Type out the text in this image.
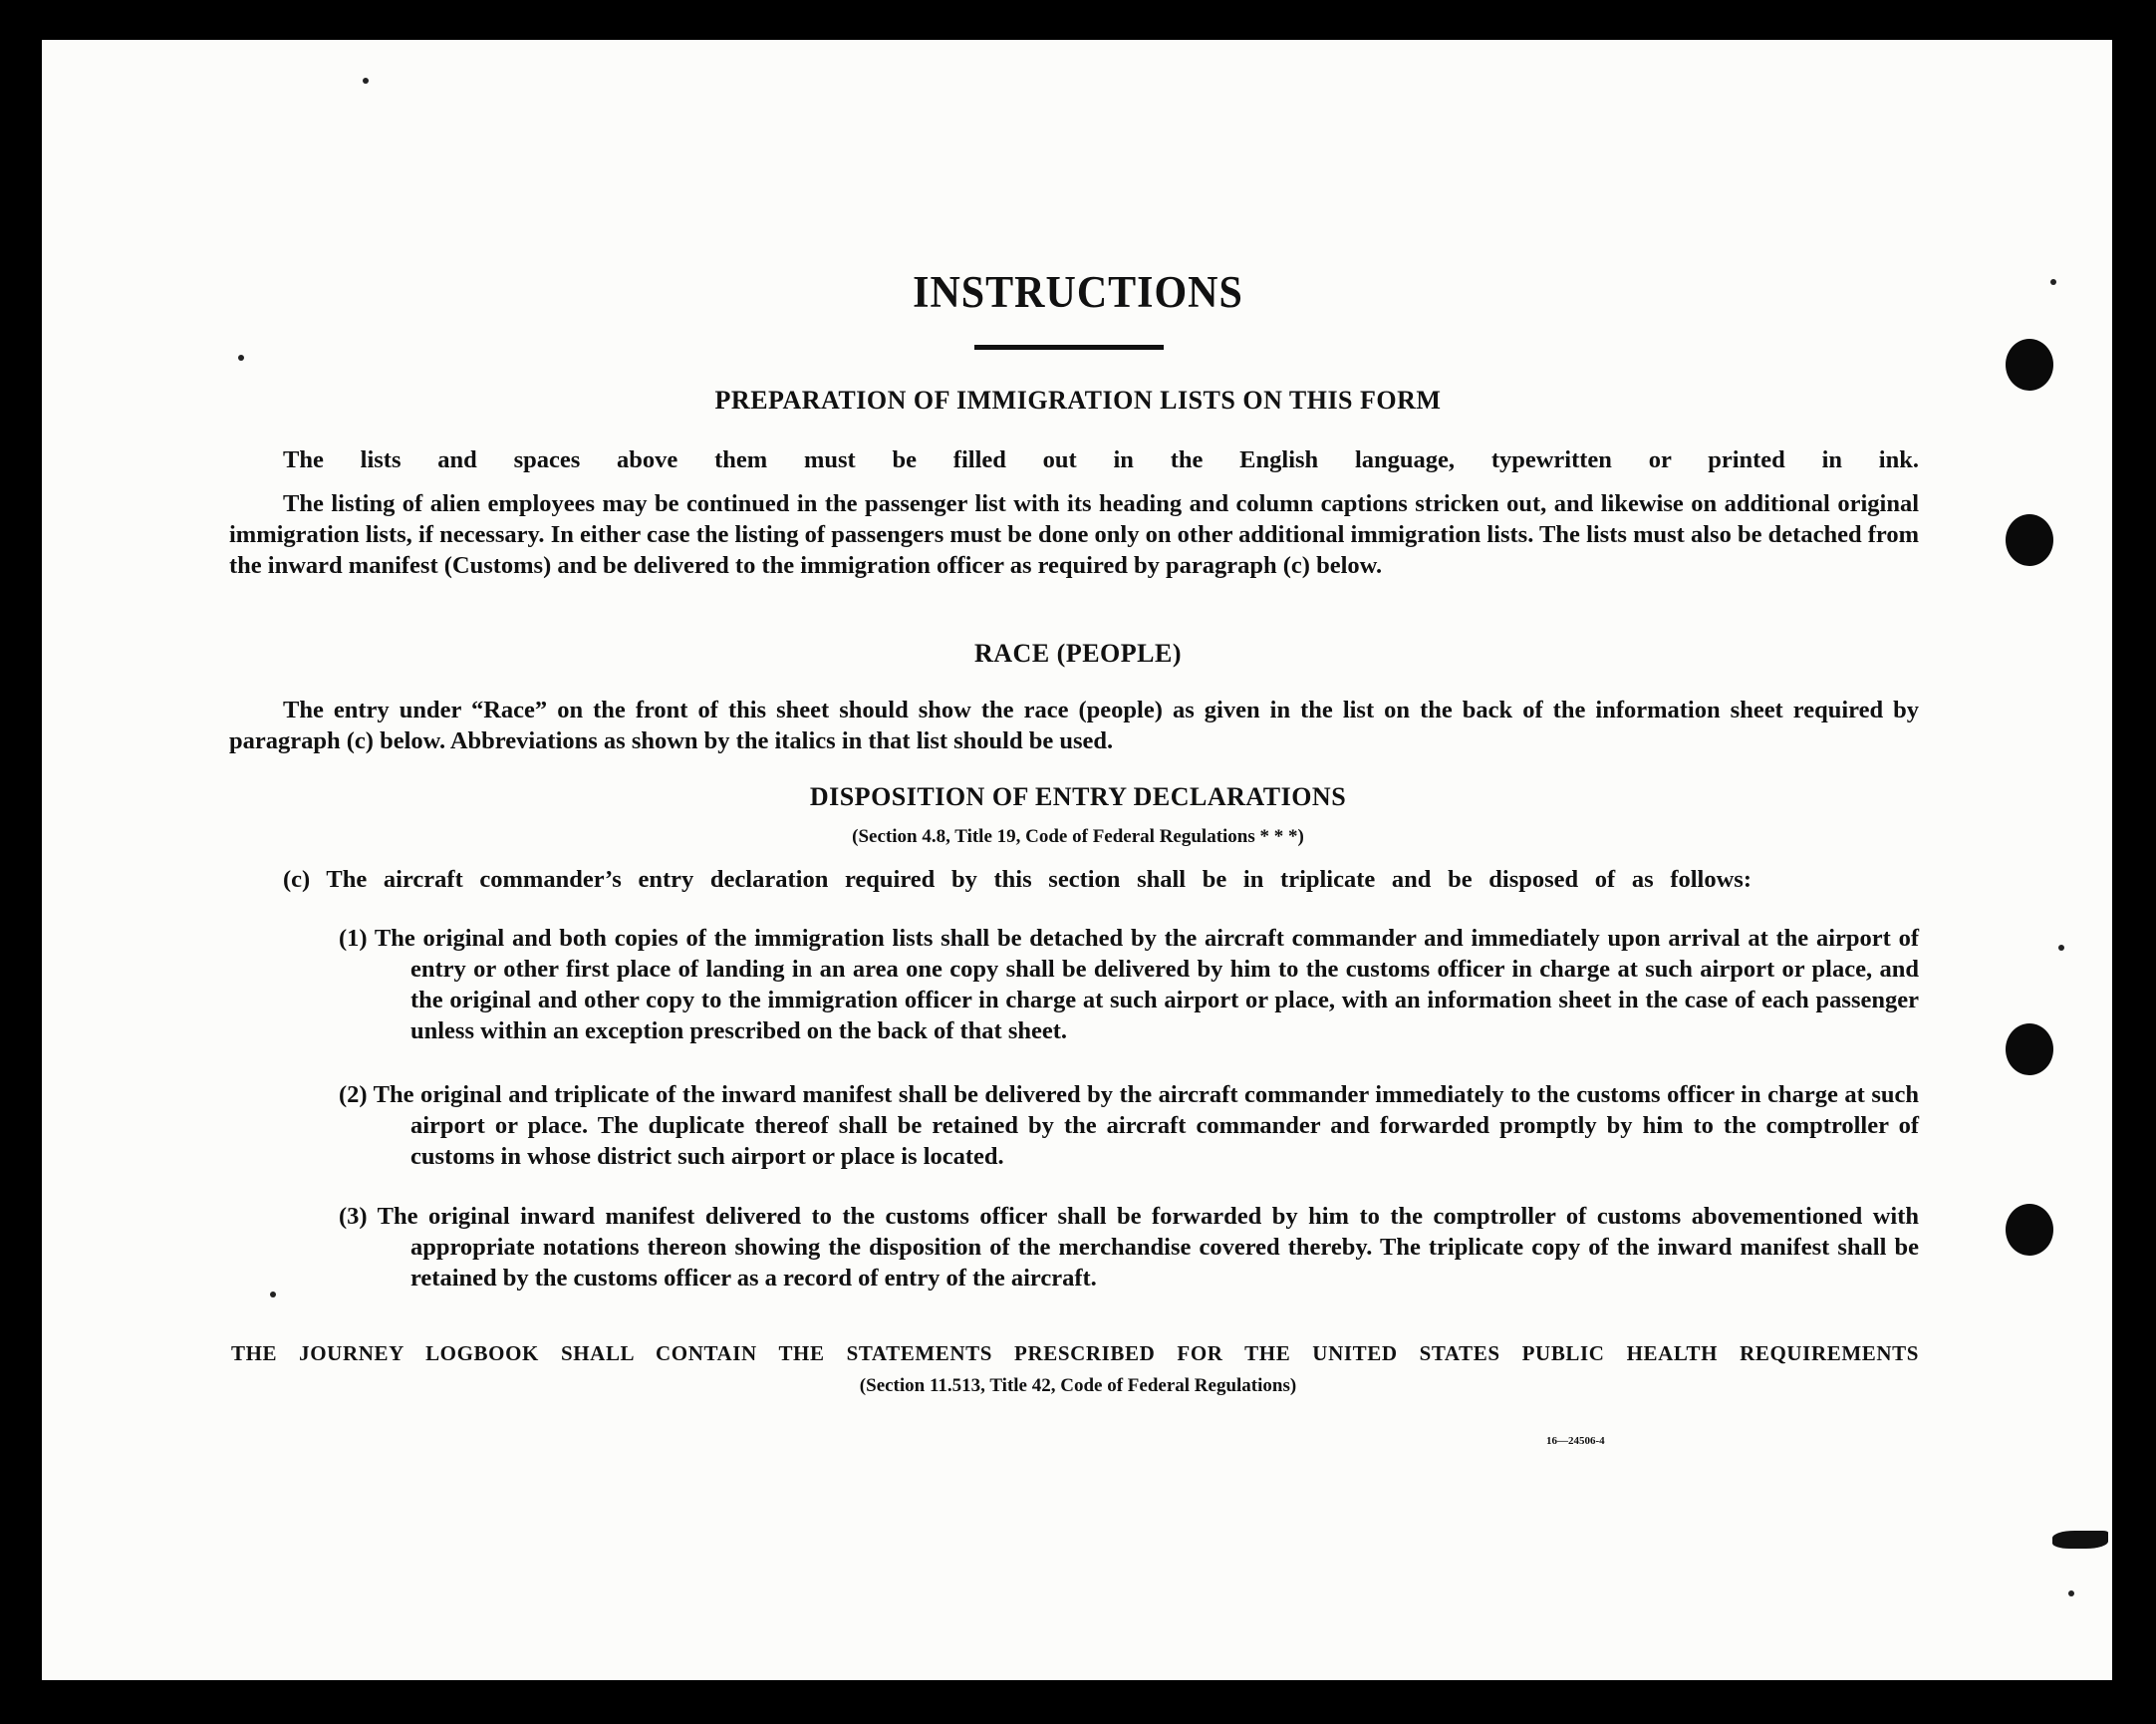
INSTRUCTIONS
PREPARATION OF IMMIGRATION LISTS ON THIS FORM
The lists and spaces above them must be filled out in the English language, typewritten or printed in ink.
The listing of alien employees may be continued in the passenger list with its heading and column captions stricken out, and likewise on additional original immigration lists, if necessary. In either case the listing of passengers must be done only on other additional immigration lists. The lists must also be detached from the inward manifest (Customs) and be delivered to the immigration officer as required by paragraph (c) below.
RACE (PEOPLE)
The entry under “Race” on the front of this sheet should show the race (people) as given in the list on the back of the information sheet required by paragraph (c) below. Abbreviations as shown by the italics in that list should be used.
DISPOSITION OF ENTRY DECLARATIONS
(Section 4.8, Title 19, Code of Federal Regulations * * *)
(c) The aircraft commander’s entry declaration required by this section shall be in triplicate and be disposed of as follows:
(1) The original and both copies of the immigration lists shall be detached by the aircraft commander and immediately upon arrival at the airport of entry or other first place of landing in an area one copy shall be delivered by him to the customs officer in charge at such airport or place, and the original and other copy to the immigration officer in charge at such airport or place, with an information sheet in the case of each passenger unless within an exception prescribed on the back of that sheet.
(2) The original and triplicate of the inward manifest shall be delivered by the aircraft commander immediately to the customs officer in charge at such airport or place. The duplicate thereof shall be retained by the aircraft commander and forwarded promptly by him to the comptroller of customs in whose district such airport or place is located.
(3) The original inward manifest delivered to the customs officer shall be forwarded by him to the comptroller of customs abovementioned with appropriate notations thereon showing the disposition of the merchandise covered thereby. The triplicate copy of the inward manifest shall be retained by the customs officer as a record of entry of the aircraft.
THE JOURNEY LOGBOOK SHALL CONTAIN THE STATEMENTS PRESCRIBED FOR THE UNITED STATES PUBLIC HEALTH REQUIREMENTS
(Section 11.513, Title 42, Code of Federal Regulations)
16—24506-4
